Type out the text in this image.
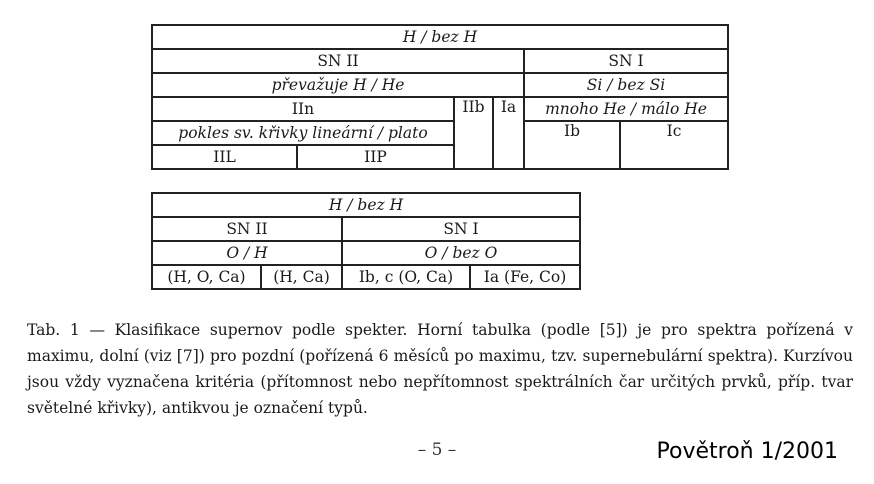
H / bez H					
SN II				SN I	
převažuje H / He				Si / bez Si	
IIn		IIb	Ia	mnoho He / málo He	
pokles sv. křivky lineární / plato				Ib	Ic
IIL	IIP				
H / bez H			
SN II		SN I	
O / H		O / bez O	
(H, O, Ca)	(H, Ca)	Ib, c (O, Ca)	Ia (Fe, Co)

Tab. 1 — Klasifikace supernov podle spekter. Horní tabulka (podle [5]) je pro spektra pořízená v maximu, dolní (viz [7]) pro pozdní (pořízená 6 měsíců po maximu, tzv. supernebulární spektra). Kurzívou jsou vždy vyznačena kritéria (přítomnost nebo nepřítomnost spektrálních čar určitých prvků, příp. tvar světelné křivky), antikvou je označení typů.

– 5 –	Povětroň 1/2001
